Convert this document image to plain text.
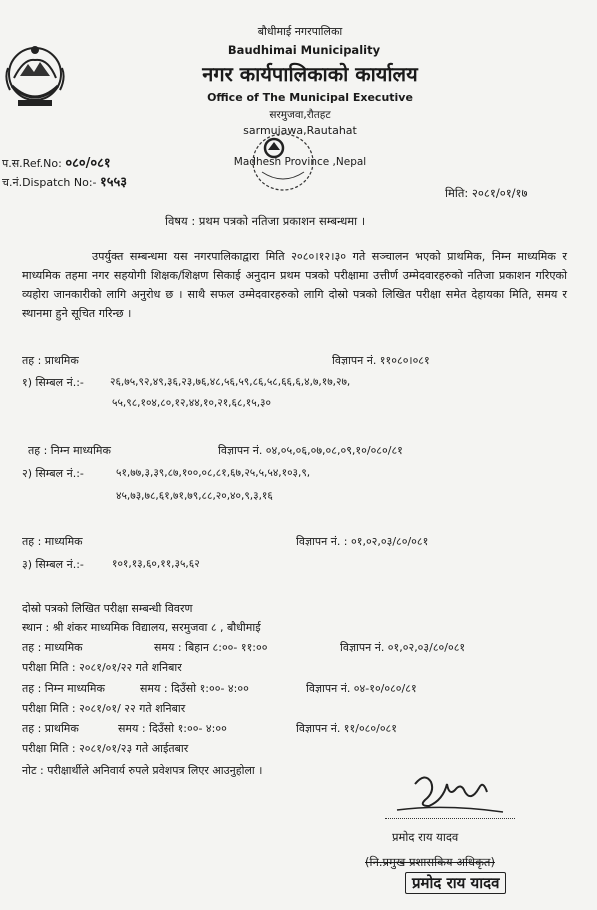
बौधीमाई नगरपालिका
Baudhimai Municipality
नगर कार्यपालिकाको कार्यालय
Office of The Municipal Executive
सरमुजवा,रौतहट
sarmujawa,Rautahat
Madhesh Province ,Nepal
प.स.Ref.No: ०८०/०८१
च.नं.Dispatch No:- १५५३
मिति: २०८१/०१/१७
विषय : प्रथम पत्रको नतिजा प्रकाशन सम्बन्धमा ।
उपर्युक्त सम्बन्धमा यस नगरपालिकाद्वारा मिति २०८०।१२।३० गते सञ्चालन भएको प्राथमिक, निम्न माध्यमिक र माध्यमिक तहमा नगर सहयोगी शिक्षक/शिक्षण सिकाई अनुदान प्रथम पत्रको परीक्षामा उत्तीर्ण उम्मेदवारहरुको नतिजा प्रकाशन गरिएको व्यहोरा जानकारीको लागि अनुरोध छ । साथै सफल उम्मेदवारहरुको लागि दोस्रो पत्रको लिखित परीक्षा समेत देहायका मिति, समय र स्थानमा हुने सूचित गरिन्छ ।
तह : प्राथमिक	विज्ञापन नं. ११०८०।०८१
१) सिम्बल नं.:- २६,७५,९२,४९,३६,२३,७६,४८,५६,५९,८६,५८,६६,६,४,७,१७,२७,
५५,९८,१०४,८०,१२,४४,१०,२१,६८,१५,३०
तह : निम्न माध्यमिक	विज्ञापन नं. ०४,०५,०६,०७,०८,०९,१०/०८०/८१
२) सिम्बल नं.:-	५१,७७,३,३९,८७,१००,०८,८१,६७,२५,५,५४,१०३,९,
४५,७३,७८,६१,७१,७९,८८,२०,४०,९,३,१६
तह : माध्यमिक	विज्ञापन नं. : ०१,०२,०३/८०/०८१
३) सिम्बल नं.:-	१०१,१३,६०,११,३५,६२
दोस्रो पत्रको लिखित परीक्षा सम्बन्धी विवरण
स्थान : श्री शंकर माध्यमिक विद्यालय, सरमुजवा ८ , बौधीमाई
तह : माध्यमिक	समय : बिहान ८:००- ११:००	विज्ञापन नं. ०१,०२,०३/८०/०८१
परीक्षा मिति : २०८१/०१/२२ गते शनिबार
तह : निम्न माध्यमिक	समय : दिउँसो १:००- ४:००	विज्ञापन नं. ०४-१०/०८०/८१
परीक्षा मिति : २०८१/०१/ २२ गते शनिबार
तह : प्राथमिक	समय : दिउँसो १:००- ४:००	विज्ञापन नं. ११/०८०/०८१
परीक्षा मिति : २०८१/०१/२३ गते आईतबार
नोट : परीक्षार्थीले अनिवार्य रुपले प्रवेशपत्र लिएर आउनुहोला ।
प्रमोद राय यादव
(नि.प्रमुख प्रशासकिय अधिकृत)
प्रमोद राय यादव
